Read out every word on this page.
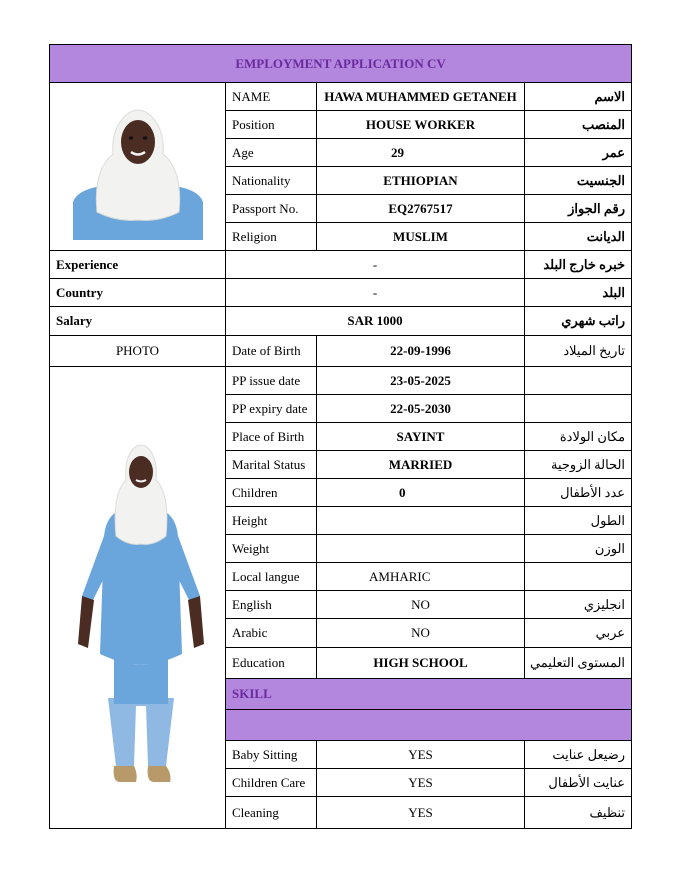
EMPLOYMENT APPLICATION CV			
	NAME	HAWA MUHAMMED GETANEH	الاسم
	Position	HOUSE WORKER	المنصب
	Age	29	عمر
	Nationality	ETHIOPIAN	الجنسيت
	Passport No.	EQ2767517	رقم الجواز
	Religion	MUSLIM	الديانت
Experience	-		خبره خارج البلد
Country	-		البلد
Salary	SAR 1000		راتب شهري
PHOTO	Date of Birth	22-09-1996	تاريخ الميلاد
	PP issue date	23-05-2025	
	PP expiry date	22-05-2030	
	Place of Birth	SAYINT	مكان الولادة
	Marital Status	MARRIED	الحالة الزوجية
	Children	0	عدد الأطفال
	Height		الطول
	Weight		الوزن
	Local langue	AMHARIC	
	English	NO	انجليزي
	Arabic	NO	عربي
	Education	HIGH SCHOOL	المستوى التعليمي
	SKILL		

	Baby Sitting	YES	رضيعل عنايت
	Children Care	YES	عنايت الأطفال
	Cleaning	YES	تنظيف
